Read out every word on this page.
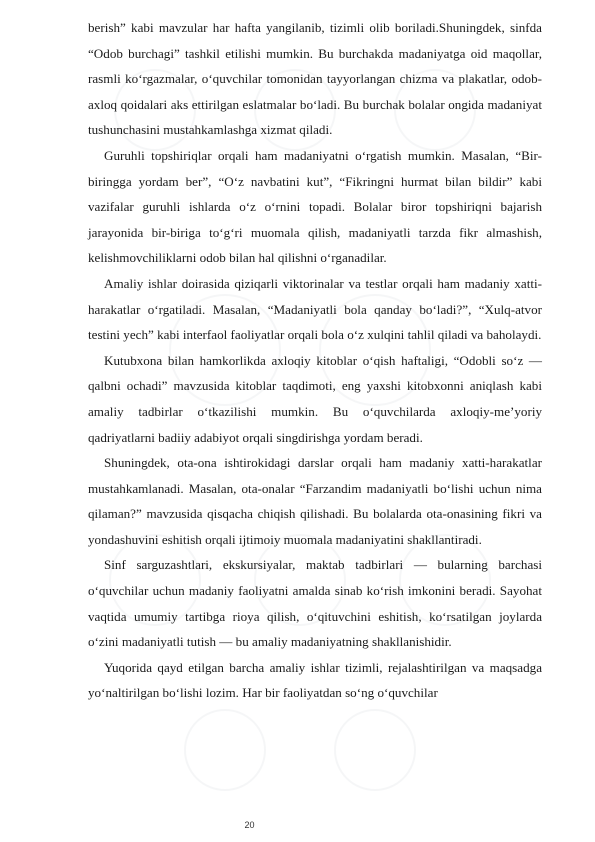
berish” kabi mavzular har hafta yangilanib, tizimli olib boriladi.Shuningdek, sinfda “Odob burchagi” tashkil etilishi mumkin. Bu burchakda madaniyatga oid maqollar, rasmli ko‘rgazmalar, o‘quvchilar tomonidan tayyorlangan chizma va plakatlar, odob-axloq qoidalari aks ettirilgan eslatmalar bo‘ladi. Bu burchak bolalar ongida madaniyat tushunchasini mustahkamlashga xizmat qiladi.

Guruhli topshiriqlar orqali ham madaniyatni o‘rgatish mumkin. Masalan, “Bir-biringga yordam ber”, “O‘z navbatini kut”, “Fikringni hurmat bilan bildir” kabi vazifalar guruhli ishlarda o‘z o‘rnini topadi. Bolalar biror topshiriqni bajarish jarayonida bir-biriga to‘g‘ri muomala qilish, madaniyatli tarzda fikr almashish, kelishmovchiliklarni odob bilan hal qilishni o‘rganadilar.

Amaliy ishlar doirasida qiziqarli viktorinalar va testlar orqali ham madaniy xatti-harakatlar o‘rgatiladi. Masalan, “Madaniyatli bola qanday bo‘ladi?”, “Xulq-atvor testini yech” kabi interfaol faoliyatlar orqali bola o‘z xulqini tahlil qiladi va baholaydi.

Kutubxona bilan hamkorlikda axloqiy kitoblar o‘qish haftaligi, “Odobli so‘z — qalbni ochadi” mavzusida kitoblar taqdimoti, eng yaxshi kitobxonni aniqlash kabi amaliy tadbirlar o‘tkazilishi mumkin. Bu o‘quvchilarda axloqiy-me’yoriy qadriyatlarni badiiy adabiyot orqali singdirishga yordam beradi.

Shuningdek, ota-ona ishtirokidagi darslar orqali ham madaniy xatti-harakatlar mustahkamlanadi. Masalan, ota-onalar “Farzandim madaniyatli bo‘lishi uchun nima qilaman?” mavzusida qisqacha chiqish qilishadi. Bu bolalarda ota-onasining fikri va yondashuvini eshitish orqali ijtimoiy muomala madaniyatini shakllantiradi.

Sinf sarguzashtlari, ekskursiyalar, maktab tadbirlari — bularning barchasi o‘quvchilar uchun madaniy faoliyatni amalda sinab ko‘rish imkonini beradi. Sayohat vaqtida umumiy tartibga rioya qilish, o‘qituvchini eshitish, ko‘rsatilgan joylarda o‘zini madaniyatli tutish — bu amaliy madaniyatning shakllanishidir.

Yuqorida qayd etilgan barcha amaliy ishlar tizimli, rejalashtirilgan va maqsadga yo‘naltirilgan bo‘lishi lozim. Har bir faoliyatdan so‘ng o‘quvchilar

20
